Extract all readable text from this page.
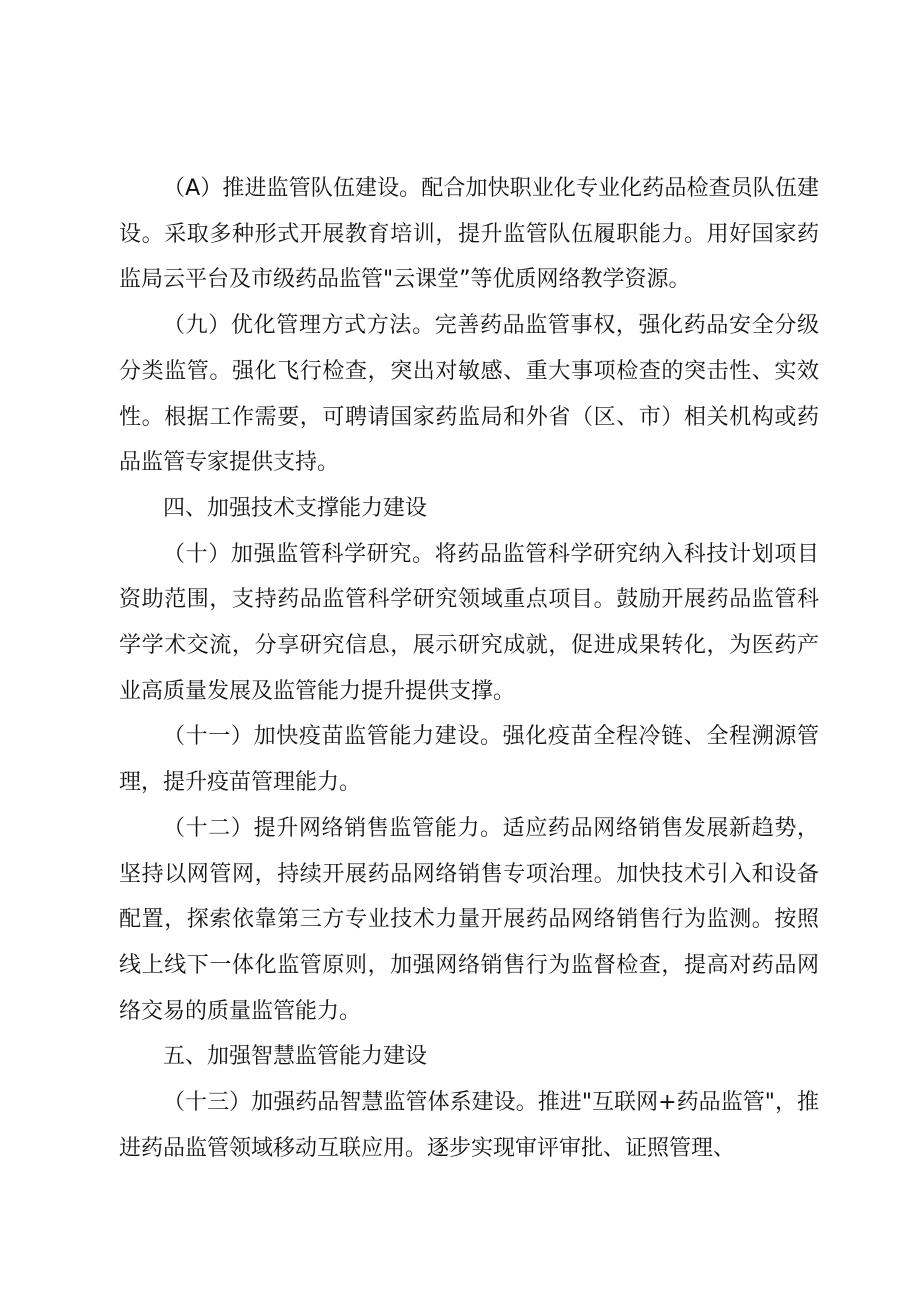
（A）推进监管队伍建设。配合加快职业化专业化药品检查员队伍建设。采取多种形式开展教育培训，提升监管队伍履职能力。用好国家药监局云平台及市级药品监管"云课堂”等优质网络教学资源。

（九）优化管理方式方法。完善药品监管事权，强化药品安全分级分类监管。强化飞行检查，突出对敏感、重大事项检查的突击性、实效性。根据工作需要，可聘请国家药监局和外省（区、市）相关机构或药品监管专家提供支持。

四、加强技术支撑能力建设

（十）加强监管科学研究。将药品监管科学研究纳入科技计划项目资助范围，支持药品监管科学研究领域重点项目。鼓励开展药品监管科学学术交流，分享研究信息，展示研究成就，促进成果转化，为医药产业高质量发展及监管能力提升提供支撑。

（十一）加快疫苗监管能力建设。强化疫苗全程冷链、全程溯源管理，提升疫苗管理能力。

（十二）提升网络销售监管能力。适应药品网络销售发展新趋势，坚持以网管网，持续开展药品网络销售专项治理。加快技术引入和设备配置，探索依靠第三方专业技术力量开展药品网络销售行为监测。按照线上线下一体化监管原则，加强网络销售行为监督检查，提高对药品网络交易的质量监管能力。

五、加强智慧监管能力建设

（十三）加强药品智慧监管体系建设。推进"互联网+药品监管"，推进药品监管领域移动互联应用。逐步实现审评审批、证照管理、
